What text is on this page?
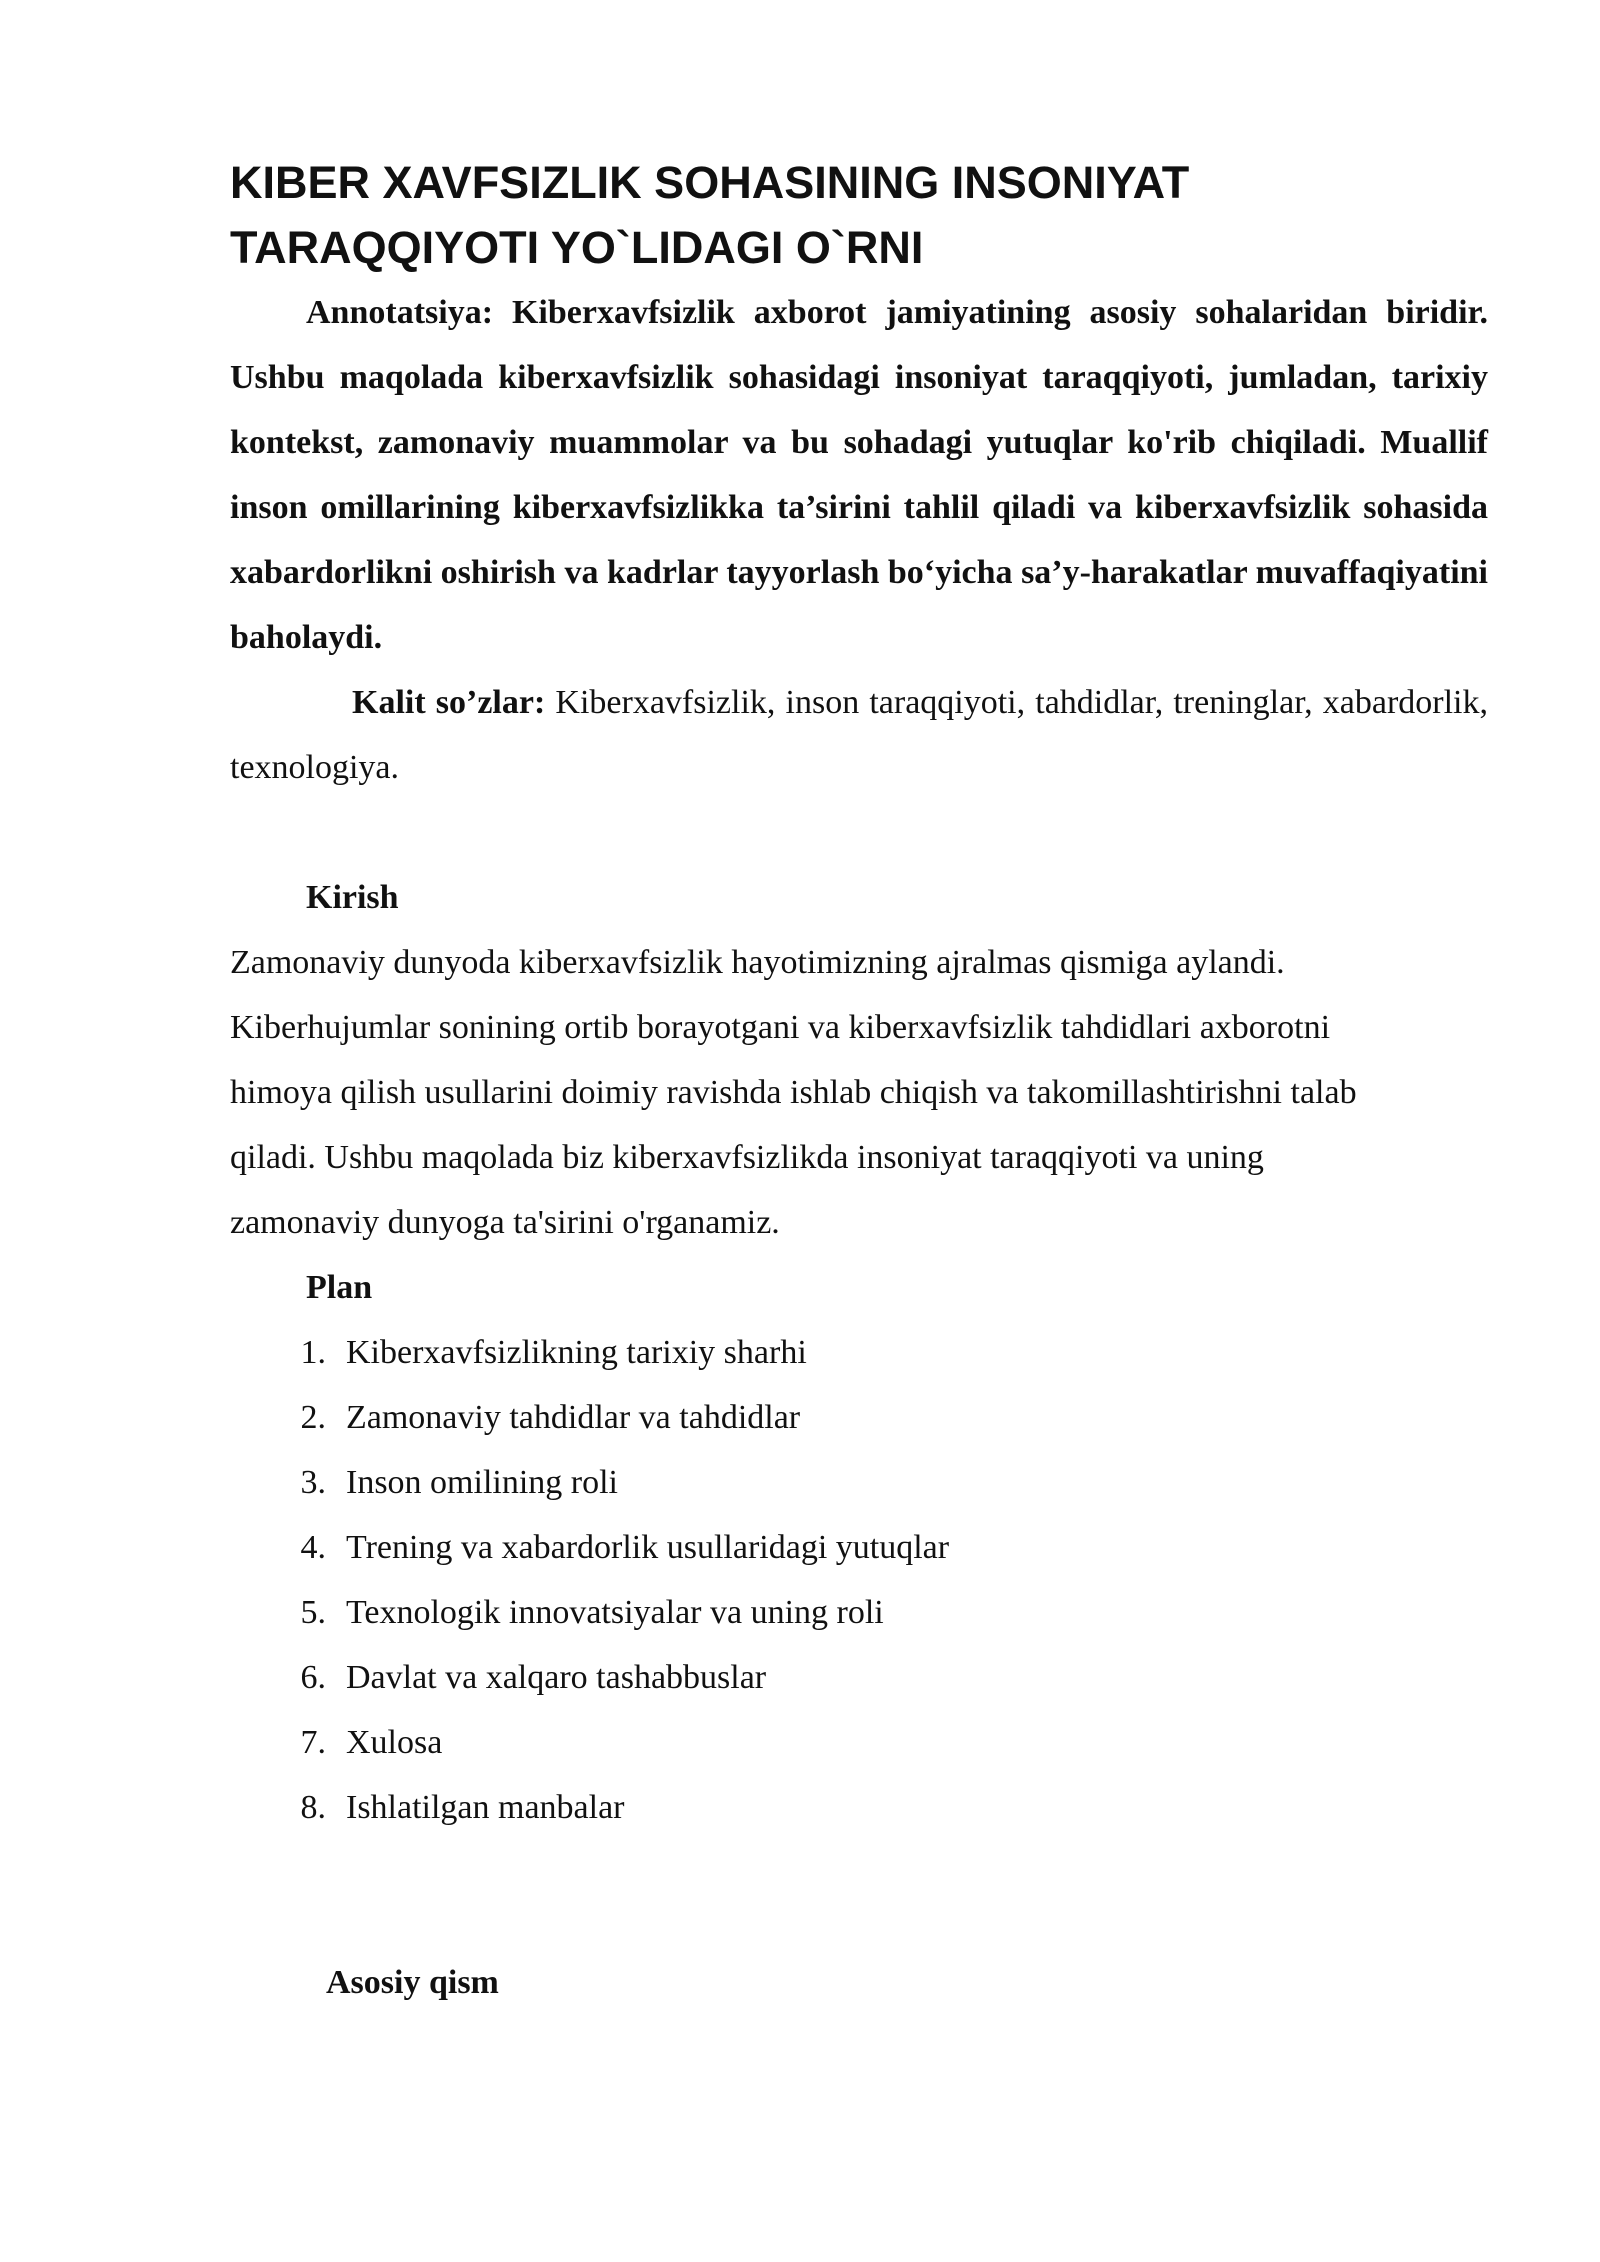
KIBER XAVFSIZLIK SOHASINING INSONIYAT
TARAQQIYOTI YO`LIDAGI O`RNI

Annotatsiya: Kiberxavfsizlik axborot jamiyatining asosiy sohalaridan biridir. Ushbu maqolada kiberxavfsizlik sohasidagi insoniyat taraqqiyoti, jumladan, tarixiy kontekst, zamonaviy muammolar va bu sohadagi yutuqlar ko'rib chiqiladi. Muallif inson omillarining kiberxavfsizlikka ta’sirini tahlil qiladi va kiberxavfsizlik sohasida xabardorlikni oshirish va kadrlar tayyorlash bo‘yicha sa’y-harakatlar muvaffaqiyatini baholaydi.

Kalit so’zlar: Kiberxavfsizlik, inson taraqqiyoti, tahdidlar, treninglar, xabardorlik, texnologiya.

Kirish

Zamonaviy dunyoda kiberxavfsizlik hayotimizning ajralmas qismiga aylandi.
Kiberhujumlar sonining ortib borayotgani va kiberxavfsizlik tahdidlari axborotni
himoya qilish usullarini doimiy ravishda ishlab chiqish va takomillashtirishni talab
qiladi. Ushbu maqolada biz kiberxavfsizlikda insoniyat taraqqiyoti va uning
zamonaviy dunyoga ta'sirini o'rganamiz.

Plan
1. Kiberxavfsizlikning tarixiy sharhi
2. Zamonaviy tahdidlar va tahdidlar
3. Inson omilining roli
4. Trening va xabardorlik usullaridagi yutuqlar
5. Texnologik innovatsiyalar va uning roli
6. Davlat va xalqaro tashabbuslar
7. Xulosa
8. Ishlatilgan manbalar
Asosiy qism
